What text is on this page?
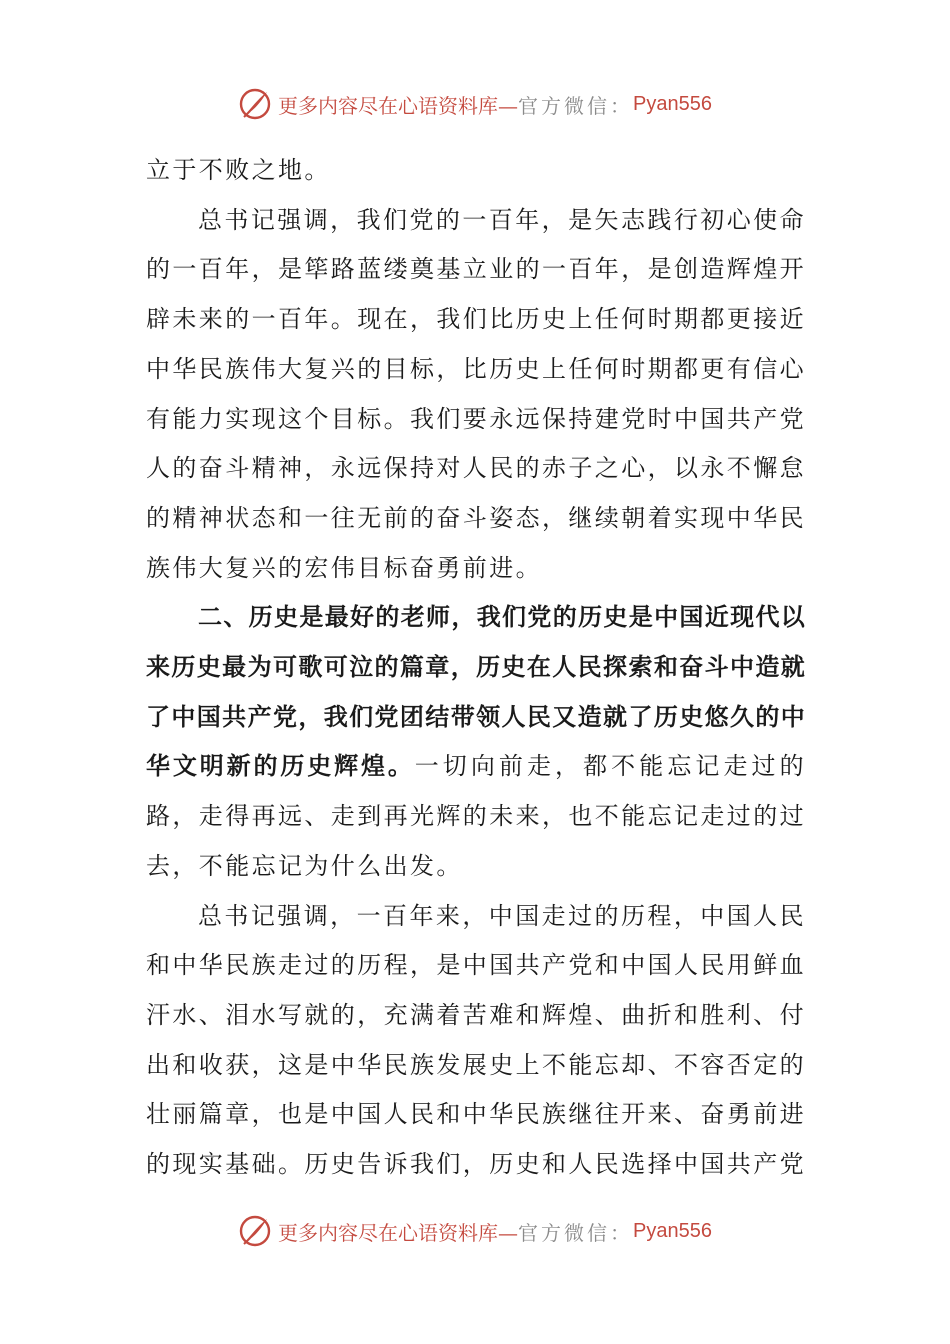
更多内容尽在心语资料库— 官方微信： Pyan556

立于不败之地。

总书记强调，我们党的一百年，是矢志践行初心使命的一百年，是筚路蓝缕奠基立业的一百年，是创造辉煌开辟未来的一百年。现在，我们比历史上任何时期都更接近中华民族伟大复兴的目标，比历史上任何时期都更有信心有能力实现这个目标。我们要永远保持建党时中国共产党人的奋斗精神，永远保持对人民的赤子之心，以永不懈怠的精神状态和一往无前的奋斗姿态，继续朝着实现中华民族伟大复兴的宏伟目标奋勇前进。

二、历史是最好的老师，我们党的历史是中国近现代以来历史最为可歌可泣的篇章，历史在人民探索和奋斗中造就了中国共产党，我们党团结带领人民又造就了历史悠久的中华文明新的历史辉煌。一切向前走，都不能忘记走过的路，走得再远、走到再光辉的未来，也不能忘记走过的过去，不能忘记为什么出发。

总书记强调，一百年来，中国走过的历程，中国人民和中华民族走过的历程，是中国共产党和中国人民用鲜血汗水、泪水写就的，充满着苦难和辉煌、曲折和胜利、付出和收获，这是中华民族发展史上不能忘却、不容否定的壮丽篇章，也是中国人民和中华民族继往开来、奋勇前进的现实基础。历史告诉我们，历史和人民选择中国共产党

更多内容尽在心语资料库— 官方微信： Pyan556
